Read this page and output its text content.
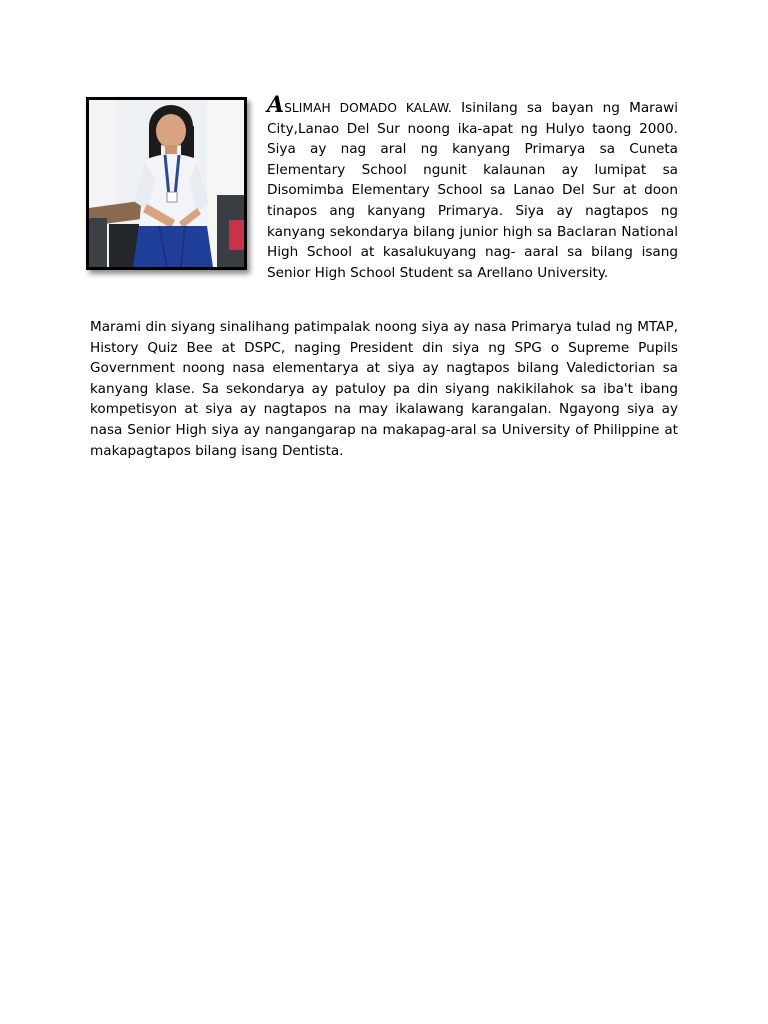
ASLIMAH DOMADO KALAW. Isinilang sa bayan ng Marawi City,Lanao Del Sur noong ika-apat ng Hulyo taong 2000. Siya ay nag aral ng kanyang Primarya sa Cuneta Elementary School ngunit kalaunan ay lumipat sa Disomimba Elementary School sa Lanao Del Sur at doon tinapos ang kanyang Primarya. Siya ay nagtapos ng kanyang sekondarya bilang junior high sa Baclaran National High School at kasalukuyang nag- aaral sa bilang isang Senior High School Student sa Arellano University.

Marami din siyang sinalihang patimpalak noong siya ay nasa Primarya tulad ng MTAP, History Quiz Bee at DSPC, naging President din siya ng SPG o Supreme Pupils Government noong nasa elementarya at siya ay nagtapos bilang Valedictorian sa kanyang klase. Sa sekondarya ay patuloy pa din siyang nakikilahok sa iba't ibang kompetisyon at siya ay nagtapos na may ikalawang karangalan. Ngayong siya ay nasa Senior High siya ay nangangarap na makapag-aral sa University of Philippine at makapagtapos bilang isang Dentista.
